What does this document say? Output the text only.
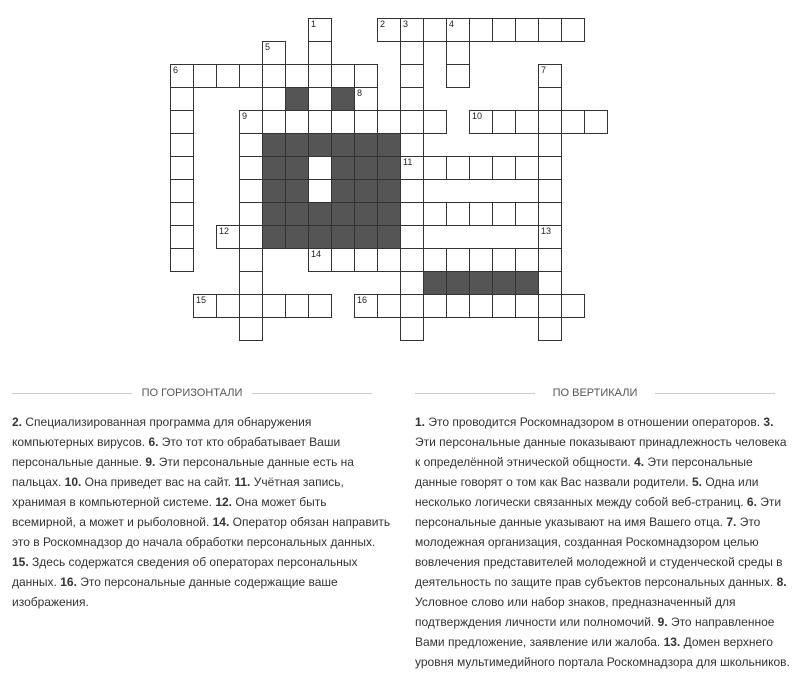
1	2 3	4
11
5
6	7
8
9	10
12	13
14
15	16
ПО ГОРИЗОНТАЛИ	ПО ВЕРТИКАЛИ
2. Специализированная программа для обнаружения компьютерных вирусов. 6. Это тот кто обрабатывает Ваши персональные данные. 9. Эти персональные данные есть на пальцах. 10. Она приведет вас на сайт. 11. Учётная запись, хранимая в компьютерной системе. 12. Она может быть всемирной, а может и рыболовной. 14. Оператор обязан направить это в Роскомнадзор до начала обработки персональных данных. 15. Здесь содержатся сведения об операторах персональных данных. 16. Это персональные данные содержащие ваше изображения.
1. Это проводится Роскомнадзором в отношении операторов. 3. Эти персональные данные показывают принадлежность человека к определённой этнической общности. 4. Эти персональные данные говорят о том как Вас назвали родители. 5. Одна или несколько логически связанных между собой веб-страниц. 6. Эти персональные данные указывают на имя Вашего отца. 7. Это молодежная организация, созданная Роскомнадзором целью вовлечения представителей молодежной и студенческой среды в деятельность по защите прав субъектов персональных данных. 8. Условное слово или набор знаков, предназначенный для подтверждения личности или полномочий. 9. Это направленное Вами предложение, заявление или жалоба. 13. Домен верхнего уровня мультимедийного портала Роскомнадзора для школьников.
